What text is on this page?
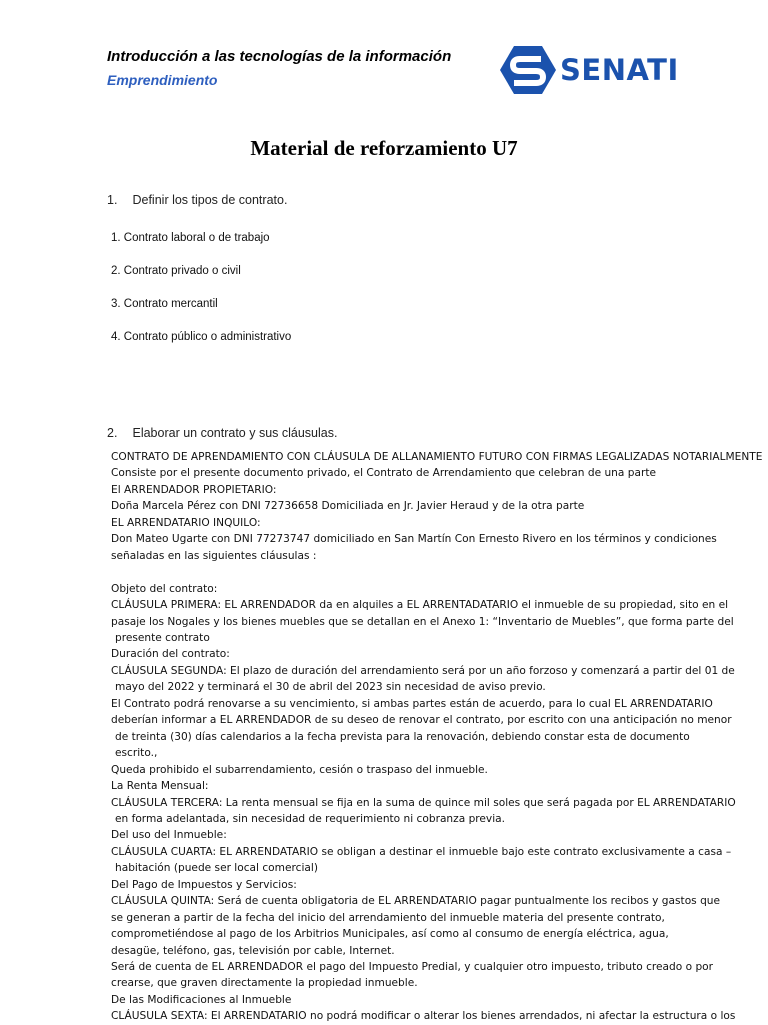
Introducción a las tecnologías de la información
Emprendimiento	SENATI
Material de reforzamiento U7
1. Definir los tipos de contrato.
1. Contrato laboral o de trabajo
2. Contrato privado o civil
3. Contrato mercantil
4. Contrato público o administrativo
2. Elaborar un contrato y sus cláusulas.
CONTRATO DE APRENDAMIENTO CON CLÁUSULA DE ALLANAMIENTO FUTURO CON FIRMAS LEGALIZADAS NOTARIALMENTE
Consiste por el presente documento privado, el Contrato de Arrendamiento que celebran de una parte
El ARRENDADOR PROPIETARIO:
Doña Marcela Pérez con DNI 72736658 Domiciliada en Jr. Javier Heraud y de la otra parte
EL ARRENDATARIO INQUILO:
Don Mateo Ugarte con DNI 77273747 domiciliado en San Martín Con Ernesto Rivero en los términos y condiciones
señaladas en las siguientes cláusulas :
Objeto del contrato:
CLÁUSULA PRIMERA: EL ARRENDADOR da en alquiles a EL ARRENTADATARIO el inmueble de su propiedad, sito en el
pasaje los Nogales y los bienes muebles que se detallan en el Anexo 1: “Inventario de Muebles”, que forma parte del
presente contrato
Duración del contrato:
CLÁUSULA SEGUNDA: El plazo de duración del arrendamiento será por un año forzoso y comenzará a partir del 01 de
mayo del 2022 y terminará el 30 de abril del 2023 sin necesidad de aviso previo.
El Contrato podrá renovarse a su vencimiento, si ambas partes están de acuerdo, para lo cual EL ARRENDATARIO
deberían informar a EL ARRENDADOR de su deseo de renovar el contrato, por escrito con una anticipación no menor
de treinta (30) días calendarios a la fecha prevista para la renovación, debiendo constar esta de documento
escrito.,
Queda prohibido el subarrendamiento, cesión o traspaso del inmueble.
La Renta Mensual:
CLÁUSULA TERCERA: La renta mensual se fija en la suma de quince mil soles que será pagada por EL ARRENDATARIO
en forma adelantada, sin necesidad de requerimiento ni cobranza previa.
Del uso del Inmueble:
CLÁUSULA CUARTA: EL ARRENDATARIO se obligan a destinar el inmueble bajo este contrato exclusivamente a casa –
habitación (puede ser local comercial)
Del Pago de Impuestos y Servicios:
CLÁUSULA QUINTA: Será de cuenta obligatoria de EL ARRENDATARIO pagar puntualmente los recibos y gastos que
se generan a partir de la fecha del inicio del arrendamiento del inmueble materia del presente contrato,
comprometiéndose al pago de los Arbitrios Municipales, así como al consumo de energía eléctrica, agua,
desagüe, teléfono, gas, televisión por cable, Internet.
Será de cuenta de EL ARRENDADOR el pago del Impuesto Predial, y cualquier otro impuesto, tributo creado o por
crearse, que graven directamente la propiedad inmueble.
De las Modificaciones al Inmueble
CLÁUSULA SEXTA: El ARRENDATARIO no podrá modificar o alterar los bienes arrendados, ni afectar la estructura o los
